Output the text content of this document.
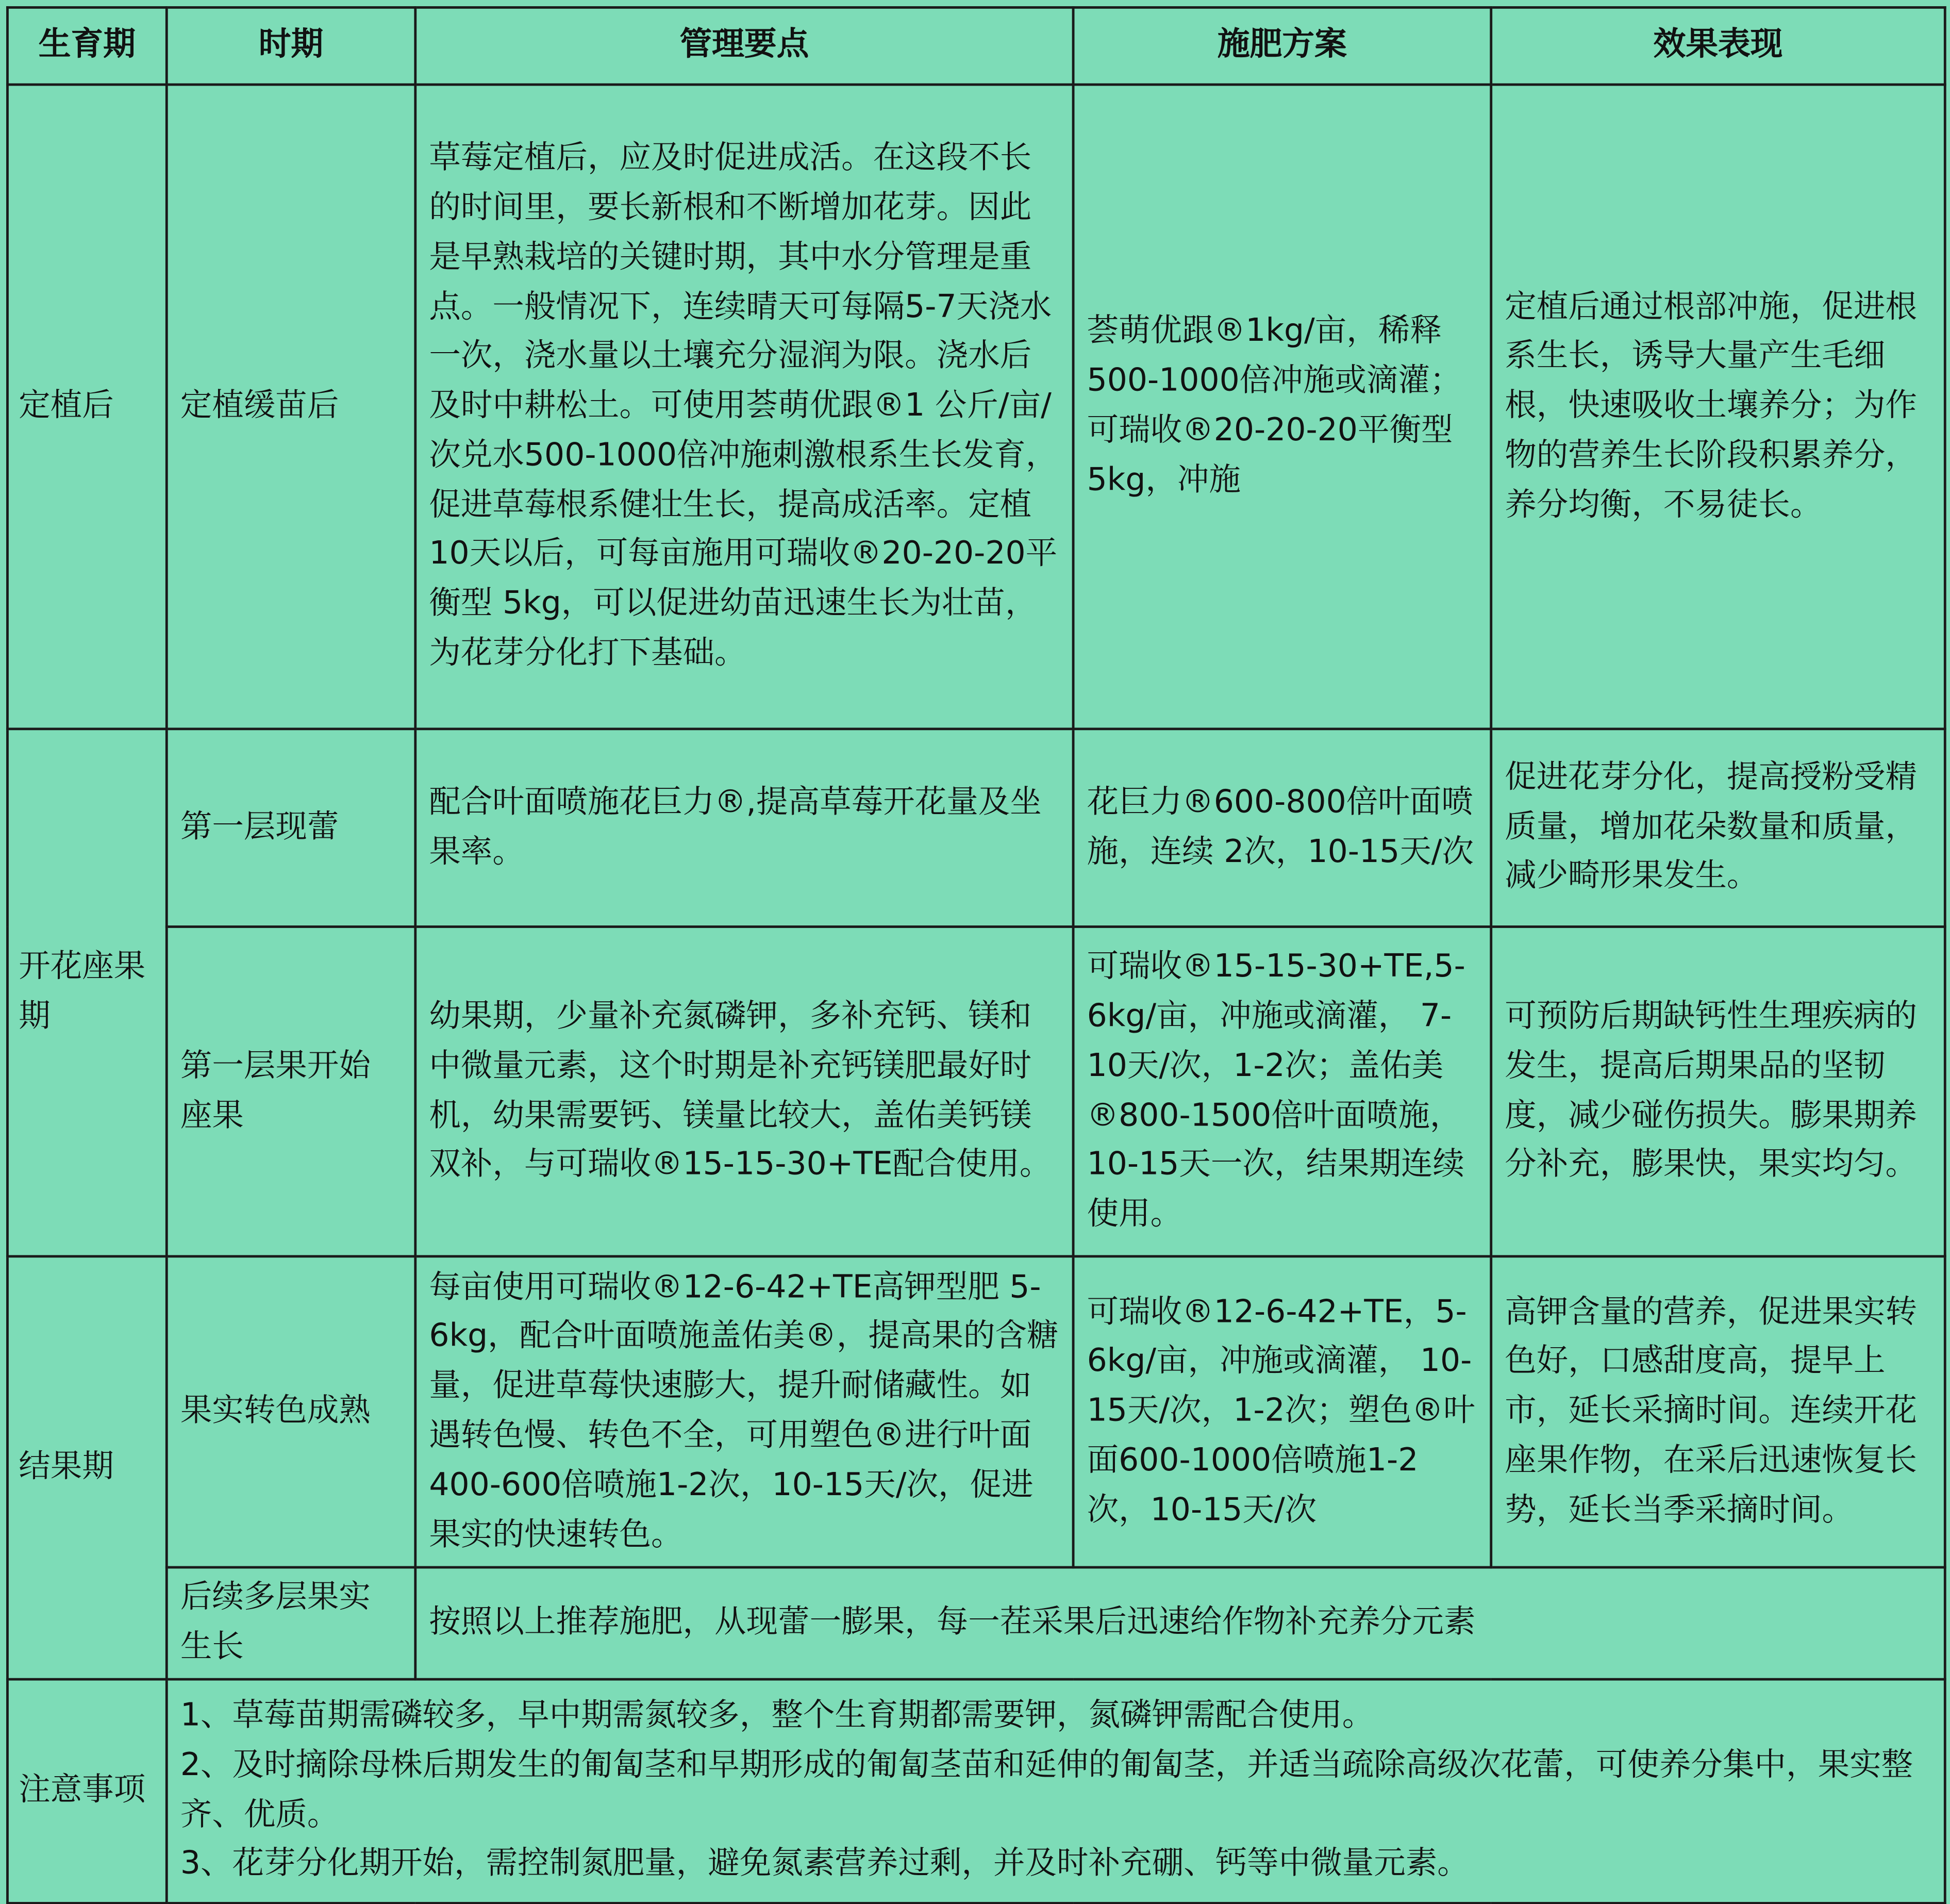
生育期	时期	管理要点	施肥方案	效果表现
定植后	定植缓苗后	草莓定植后，应及时促进成活。在这段不长的时间里，要长新根和不断增加花芽。因此是早熟栽培的关键时期，其中水分管理是重点。一般情况下，连续晴天可每隔5-7天浇水一次，浇水量以土壤充分湿润为限。浇水后及时中耕松土。可使用荟萌优跟®1 公斤/亩/次兑水500-1000倍冲施刺激根系生长发育，促进草莓根系健壮生长，提高成活率。定植 10天以后，可每亩施用可瑞收®20-20-20平衡型 5kg，可以促进幼苗迅速生长为壮苗，为花芽分化打下基础。	荟萌优跟®1kg/亩，稀释500-1000倍冲施或滴灌；可瑞收®20-20-20平衡型5kg，冲施	定植后通过根部冲施，促进根系生长，诱导大量产生毛细根，快速吸收土壤养分；为作物的营养生长阶段积累养分，养分均衡，不易徒长。
开花座果期	第一层现蕾	配合叶面喷施花巨力®,提高草莓开花量及坐果率。	花巨力®600-800倍叶面喷施，连续 2次，10-15天/次	促进花芽分化，提高授粉受精质量，增加花朵数量和质量，减少畸形果发生。
	第一层果开始座果	幼果期，少量补充氮磷钾，多补充钙、镁和中微量元素，这个时期是补充钙镁肥最好时机，幼果需要钙、镁量比较大，盖佑美钙镁双补，与可瑞收®15-15-30+TE配合使用。	可瑞收®15-15-30+TE,5-6kg/亩，冲施或滴灌， 7-10天/次，1-2次；盖佑美®800-1500倍叶面喷施，10-15天一次，结果期连续使用。	可预防后期缺钙性生理疾病的发生，提高后期果品的坚韧度，减少碰伤损失。膨果期养分补充，膨果快，果实均匀。
结果期	果实转色成熟	每亩使用可瑞收®12-6-42+TE高钾型肥 5-6kg，配合叶面喷施盖佑美®，提高果的含糖量，促进草莓快速膨大，提升耐储藏性。如遇转色慢、转色不全，可用塑色®进行叶面400-600倍喷施1-2次，10-15天/次，促进果实的快速转色。	可瑞收®12-6-42+TE，5-6kg/亩，冲施或滴灌， 10-15天/次，1-2次；塑色®叶面600-1000倍喷施1-2次，10-15天/次	高钾含量的营养，促进果实转色好，口感甜度高，提早上市，延长采摘时间。连续开花座果作物，在采后迅速恢复长势，延长当季采摘时间。
	后续多层果实生长	按照以上推荐施肥，从现蕾一膨果，每一茬采果后迅速给作物补充养分元素		
注意事项	1、草莓苗期需磷较多，早中期需氮较多，整个生育期都需要钾，氮磷钾需配合使用。
2、及时摘除母株后期发生的匍匐茎和早期形成的匍匐茎苗和延伸的匍匐茎，并适当疏除高级次花蕾，可使养分集中，果实整齐、优质。
3、花芽分化期开始，需控制氮肥量，避免氮素营养过剩，并及时补充硼、钙等中微量元素。			
